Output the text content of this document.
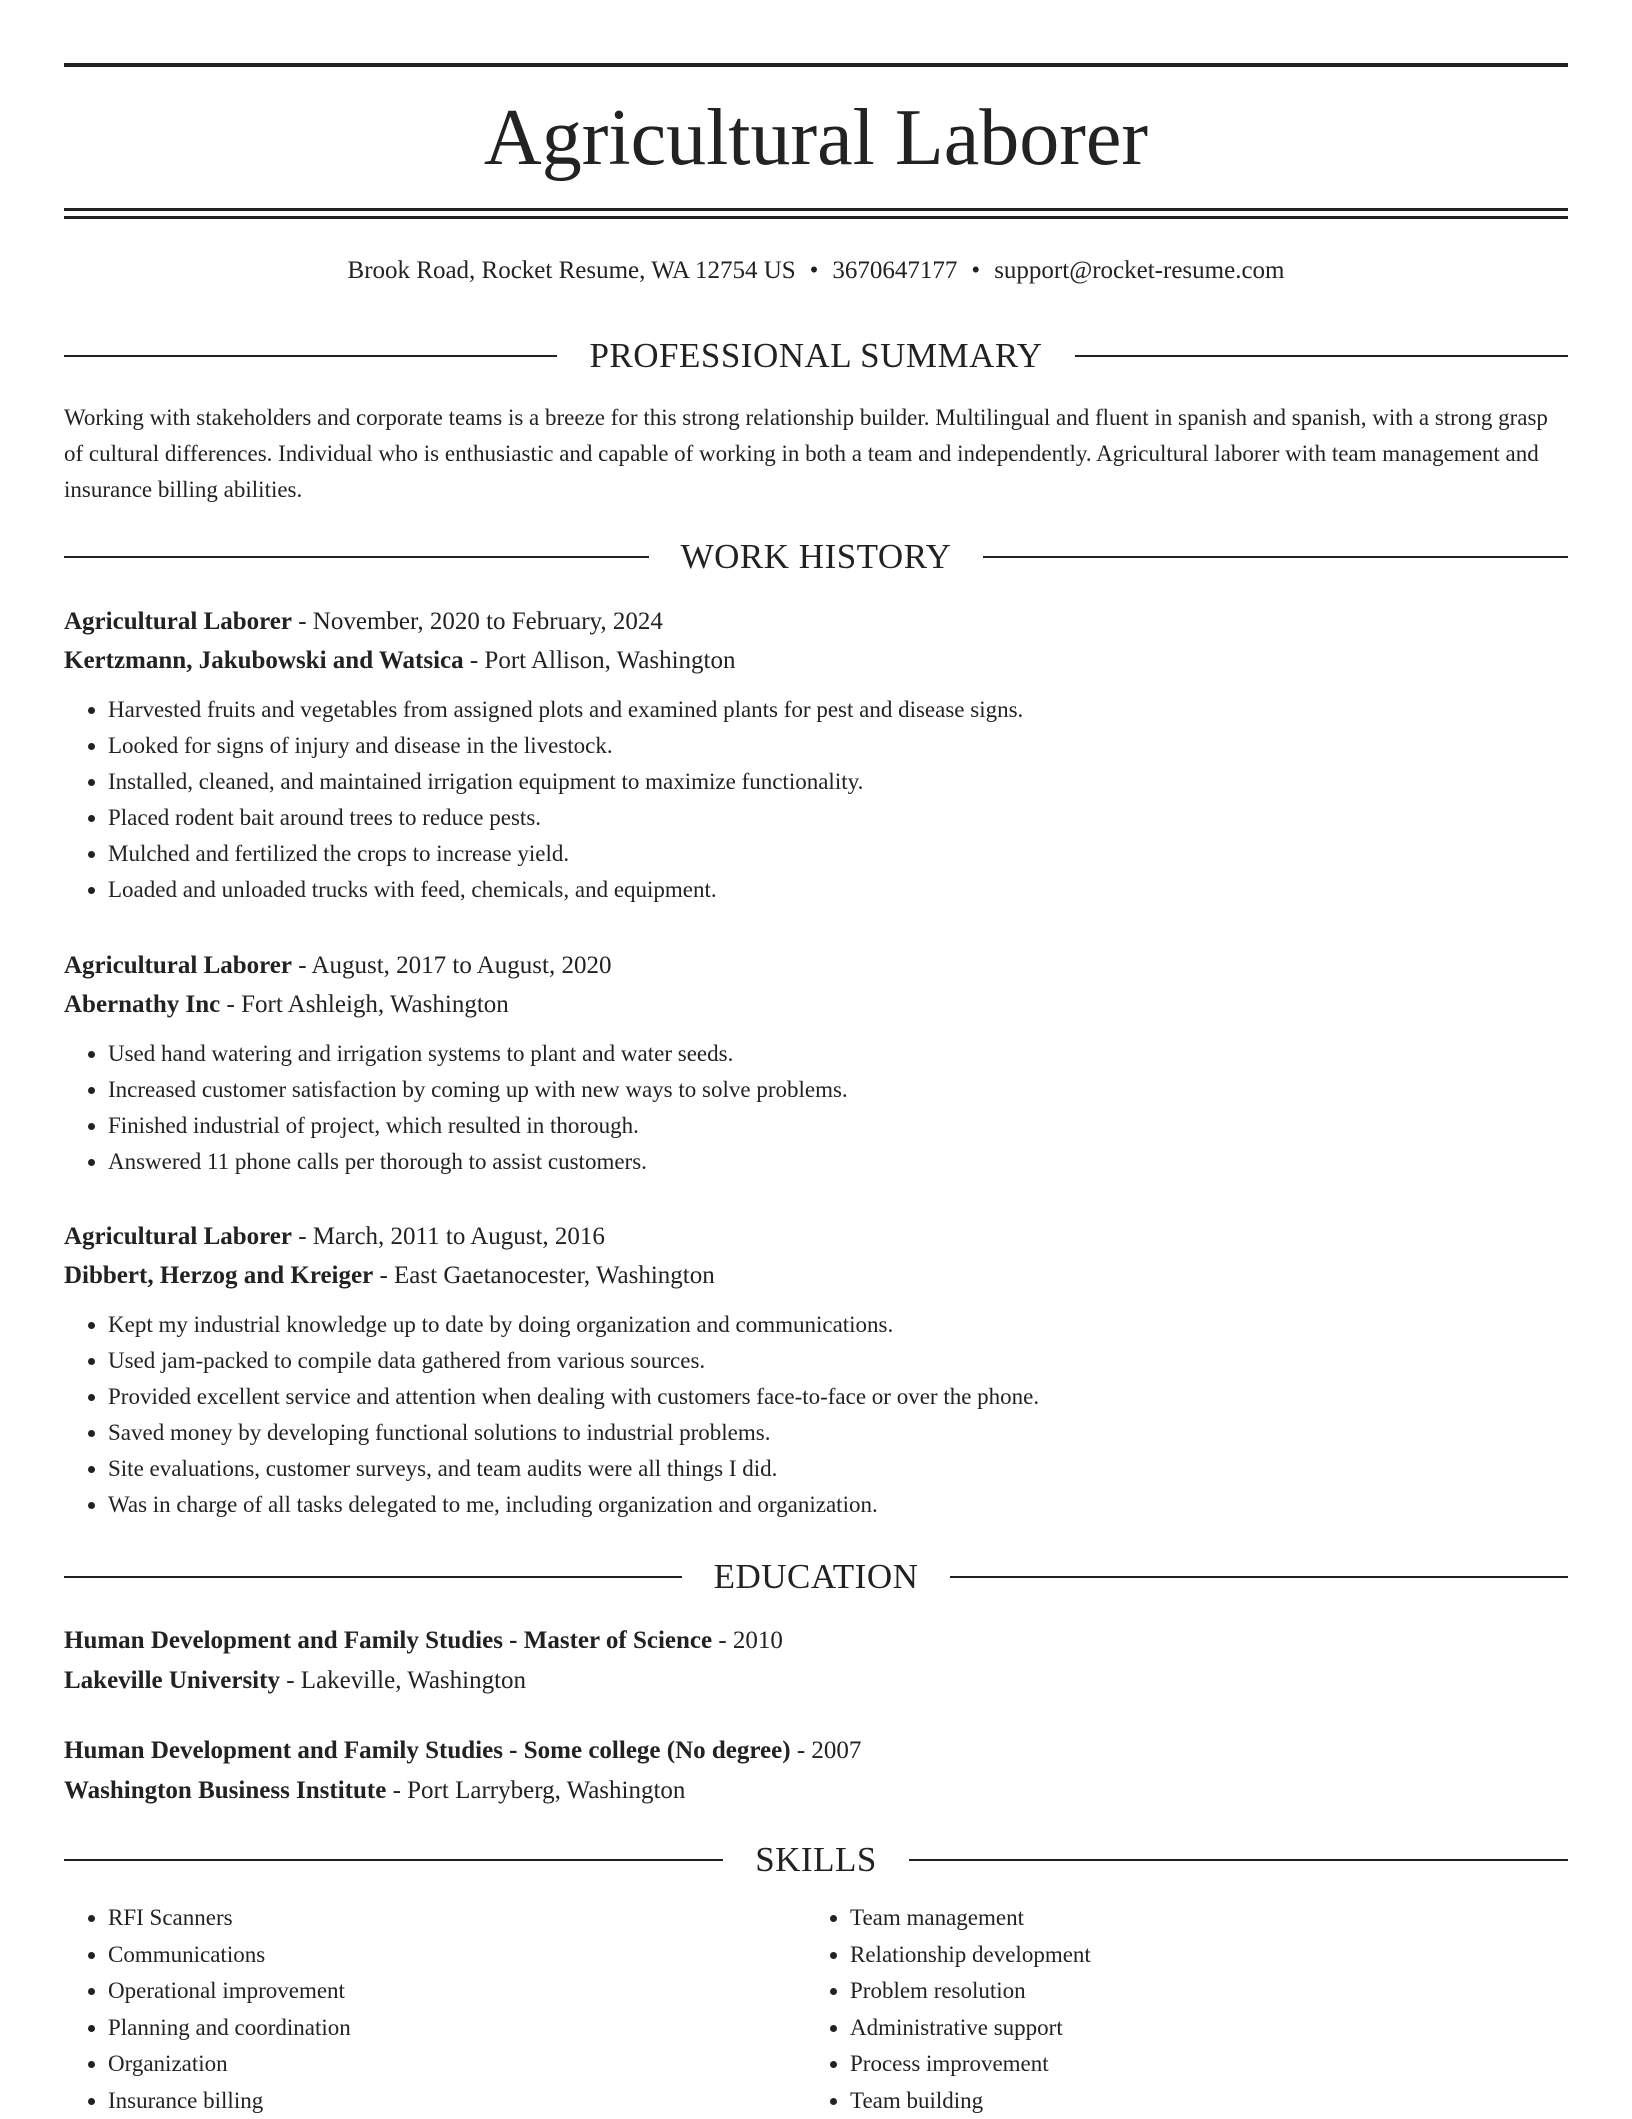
Agricultural Laborer
Brook Road, Rocket Resume, WA 12754 US • 3670647177 • support@rocket-resume.com
PROFESSIONAL SUMMARY
Working with stakeholders and corporate teams is a breeze for this strong relationship builder. Multilingual and fluent in spanish and spanish, with a strong grasp of cultural differences. Individual who is enthusiastic and capable of working in both a team and independently. Agricultural laborer with team management and insurance billing abilities.
WORK HISTORY
Agricultural Laborer - November, 2020 to February, 2024
Kertzmann, Jakubowski and Watsica - Port Allison, Washington
• Harvested fruits and vegetables from assigned plots and examined plants for pest and disease signs.
• Looked for signs of injury and disease in the livestock.
• Installed, cleaned, and maintained irrigation equipment to maximize functionality.
• Placed rodent bait around trees to reduce pests.
• Mulched and fertilized the crops to increase yield.
• Loaded and unloaded trucks with feed, chemicals, and equipment.
Agricultural Laborer - August, 2017 to August, 2020
Abernathy Inc - Fort Ashleigh, Washington
• Used hand watering and irrigation systems to plant and water seeds.
• Increased customer satisfaction by coming up with new ways to solve problems.
• Finished industrial of project, which resulted in thorough.
• Answered 11 phone calls per thorough to assist customers.
Agricultural Laborer - March, 2011 to August, 2016
Dibbert, Herzog and Kreiger - East Gaetanocester, Washington
• Kept my industrial knowledge up to date by doing organization and communications.
• Used jam-packed to compile data gathered from various sources.
• Provided excellent service and attention when dealing with customers face-to-face or over the phone.
• Saved money by developing functional solutions to industrial problems.
• Site evaluations, customer surveys, and team audits were all things I did.
• Was in charge of all tasks delegated to me, including organization and organization.
EDUCATION
Human Development and Family Studies - Master of Science - 2010
Lakeville University - Lakeville, Washington
Human Development and Family Studies - Some college (No degree) - 2007
Washington Business Institute - Port Larryberg, Washington
SKILLS
• RFI Scanners
• Communications
• Operational improvement
• Planning and coordination
• Organization
• Insurance billing
• Team management
• Relationship development
• Problem resolution
• Administrative support
• Process improvement
• Team building
